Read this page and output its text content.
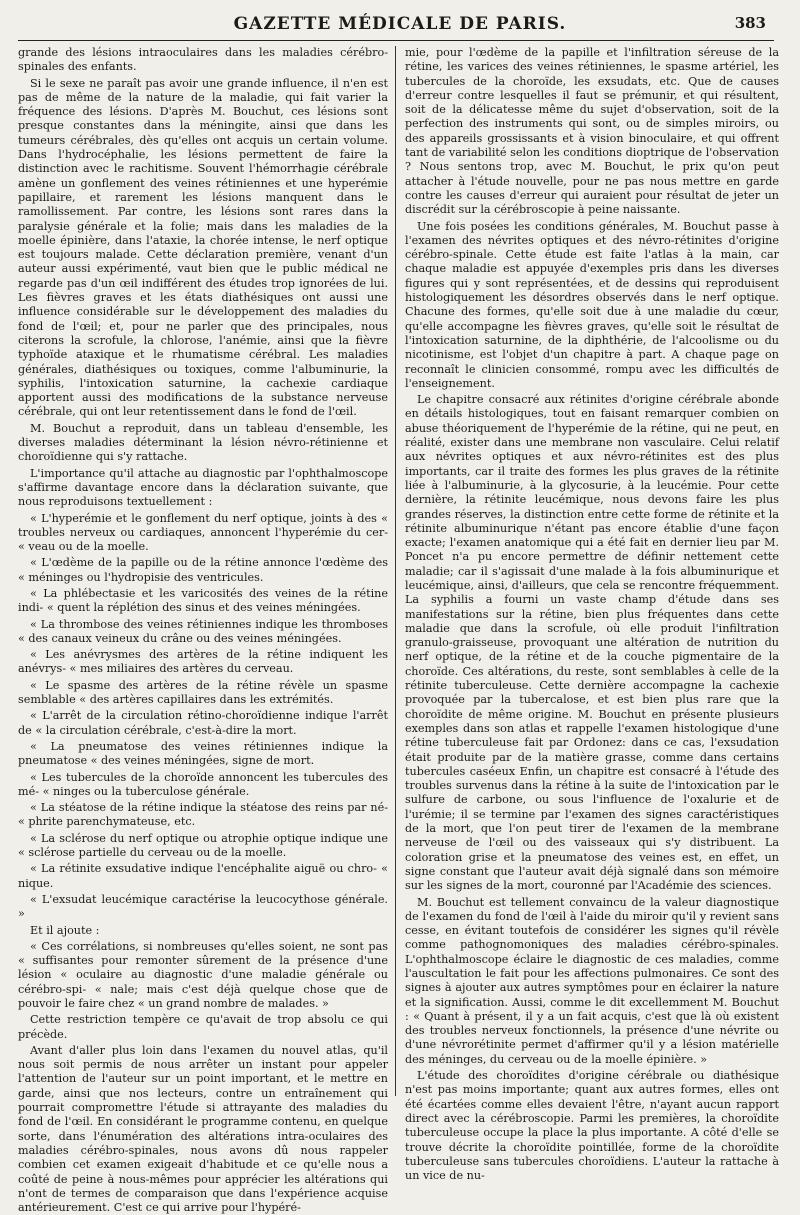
GAZETTE MÉDICALE DE PARIS.	383

grande des lésions intraoculaires dans les maladies cérébro-spinales des enfants.

Si le sexe ne paraît pas avoir une grande influence, il n'en est pas de même de la nature de la maladie, qui fait varier la fréquence des lésions. D'après M. Bouchut, ces lésions sont presque constantes dans la méningite, ainsi que dans les tumeurs cérébrales, dès qu'elles ont acquis un certain volume. Dans l'hydrocéphalie, les lésions permettent de faire la distinction avec le rachitisme. Souvent l'hémorrhagie cérébrale amène un gonflement des veines rétiniennes et une hyperémie papillaire, et rarement les lésions manquent dans le ramollissement. Par contre, les lésions sont rares dans la paralysie générale et la folie; mais dans les maladies de la moelle épinière, dans l'ataxie, la chorée intense, le nerf optique est toujours malade. Cette déclaration première, venant d'un auteur aussi expérimenté, vaut bien que le public médical ne regarde pas d'un œil indifférent des études trop ignorées de lui. Les fièvres graves et les états diathésiques ont aussi une influence considérable sur le développement des maladies du fond de l'œil; et, pour ne parler que des principales, nous citerons la scrofule, la chlorose, l'anémie, ainsi que la fièvre typhoïde ataxique et le rhumatisme cérébral. Les maladies générales, diathésiques ou toxiques, comme l'albuminurie, la syphilis, l'intoxication saturnine, la cachexie cardiaque apportent aussi des modifications de la substance nerveuse cérébrale, qui ont leur retentissement dans le fond de l'œil.

M. Bouchut a reproduit, dans un tableau d'ensemble, les diverses maladies déterminant la lésion névro-rétinienne et choroïdienne qui s'y rattache.

L'importance qu'il attache au diagnostic par l'ophthalmoscope s'affirme davantage encore dans la déclaration suivante, que nous reproduisons textuellement :

« L'hyperémie et le gonflement du nerf optique, joints à des « troubles nerveux ou cardiaques, annoncent l'hyperémie du cer- « veau ou de la moelle.

« L'œdème de la papille ou de la rétine annonce l'œdème des « méninges ou l'hydropisie des ventricules.

« La phlébectasie et les varicosités des veines de la rétine indi- « quent la réplétion des sinus et des veines méningées.

« La thrombose des veines rétiniennes indique les thromboses « des canaux veineux du crâne ou des veines méningées.

« Les anévrysmes des artères de la rétine indiquent les anévrys- « mes miliaires des artères du cerveau.

« Le spasme des artères de la rétine révèle un spasme semblable « des artères capillaires dans les extrémités.

« L'arrêt de la circulation rétino-choroïdienne indique l'arrêt de « la circulation cérébrale, c'est-à-dire la mort.

« La pneumatose des veines rétiniennes indique la pneumatose « des veines méningées, signe de mort.

« Les tubercules de la choroïde annoncent les tubercules des mé- « ninges ou la tuberculose générale.

« La stéatose de la rétine indique la stéatose des reins par né- « phrite parenchymateuse, etc.

« La sclérose du nerf optique ou atrophie optique indique une « sclérose partielle du cerveau ou de la moelle.

« La rétinite exsudative indique l'encéphalite aiguë ou chro- « nique.

« L'exsudat leucémique caractérise la leucocythose générale. »

Et il ajoute :

« Ces corrélations, si nombreuses qu'elles soient, ne sont pas « suffisantes pour remonter sûrement de la présence d'une lésion « oculaire au diagnostic d'une maladie générale ou cérébro-spi- « nale; mais c'est déjà quelque chose que de pouvoir le faire chez « un grand nombre de malades. »

Cette restriction tempère ce qu'avait de trop absolu ce qui précède.

Avant d'aller plus loin dans l'examen du nouvel atlas, qu'il nous soit permis de nous arrêter un instant pour appeler l'attention de l'auteur sur un point important, et le mettre en garde, ainsi que nos lecteurs, contre un entraînement qui pourrait compromettre l'étude si attrayante des maladies du fond de l'œil. En considérant le programme contenu, en quelque sorte, dans l'énumération des altérations intra-oculaires des maladies cérébro-spinales, nous avons dû nous rappeler combien cet examen exigeait d'habitude et ce qu'elle nous a coûté de peine à nous-mêmes pour apprécier les altérations qui n'ont de termes de comparaison que dans l'expérience acquise antérieurement. C'est ce qui arrive pour l'hypéré-

mie, pour l'œdème de la papille et l'infiltration séreuse de la rétine, les varices des veines rétiniennes, le spasme artériel, les tubercules de la choroïde, les exsudats, etc. Que de causes d'erreur contre lesquelles il faut se prémunir, et qui résultent, soit de la délicatesse même du sujet d'observation, soit de la perfection des instruments qui sont, ou de simples miroirs, ou des appareils grossissants et à vision binoculaire, et qui offrent tant de variabilité selon les conditions dioptrique de l'observation ? Nous sentons trop, avec M. Bouchut, le prix qu'on peut attacher à l'étude nouvelle, pour ne pas nous mettre en garde contre les causes d'erreur qui auraient pour résultat de jeter un discrédit sur la cérébroscopie à peine naissante.

Une fois posées les conditions générales, M. Bouchut passe à l'examen des névrites optiques et des névro-rétinites d'origine cérébro-spinale. Cette étude est faite l'atlas à la main, car chaque maladie est appuyée d'exemples pris dans les diverses figures qui y sont représentées, et de dessins qui reproduisent histologiquement les désordres observés dans le nerf optique. Chacune des formes, qu'elle soit due à une maladie du cœur, qu'elle accompagne les fièvres graves, qu'elle soit le résultat de l'intoxication saturnine, de la diphthérie, de l'alcoolisme ou du nicotinisme, est l'objet d'un chapitre à part. A chaque page on reconnaît le clinicien consommé, rompu avec les difficultés de l'enseignement.

Le chapitre consacré aux rétinites d'origine cérébrale abonde en détails histologiques, tout en faisant remarquer combien on abuse théoriquement de l'hyperémie de la rétine, qui ne peut, en réalité, exister dans une membrane non vasculaire. Celui relatif aux névrites optiques et aux névro-rétinites est des plus importants, car il traite des formes les plus graves de la rétinite liée à l'albuminurie, à la glycosurie, à la leucémie. Pour cette dernière, la rétinite leucémique, nous devons faire les plus grandes réserves, la distinction entre cette forme de rétinite et la rétinite albuminurique n'étant pas encore établie d'une façon exacte; l'examen anatomique qui a été fait en dernier lieu par M. Poncet n'a pu encore permettre de définir nettement cette maladie; car il s'agissait d'une malade à la fois albuminurique et leucémique, ainsi, d'ailleurs, que cela se rencontre fréquemment. La syphilis a fourni un vaste champ d'étude dans ses manifestations sur la rétine, bien plus fréquentes dans cette maladie que dans la scrofule, où elle produit l'infiltration granulo-graisseuse, provoquant une altération de nutrition du nerf optique, de la rétine et de la couche pigmentaire de la choroïde. Ces altérations, du reste, sont semblables à celle de la rétinite tuberculeuse. Cette dernière accompagne la cachexie provoquée par la tubercalose, et est bien plus rare que la choroïdite de même origine. M. Bouchut en présente plusieurs exemples dans son atlas et rappelle l'examen histologique d'une rétine tuberculeuse fait par Ordonez: dans ce cas, l'exsudation était produite par de la matière grasse, comme dans certains tubercules caséeux Enfin, un chapitre est consacré à l'étude des troubles survenus dans la rétine à la suite de l'intoxication par le sulfure de carbone, ou sous l'influence de l'oxalurie et de l'urémie; il se termine par l'examen des signes caractéristiques de la mort, que l'on peut tirer de l'examen de la membrane nerveuse de l'œil ou des vaisseaux qui s'y distribuent. La coloration grise et la pneumatose des veines est, en effet, un signe constant que l'auteur avait déjà signalé dans son mémoire sur les signes de la mort, couronné par l'Académie des sciences.

M. Bouchut est tellement convaincu de la valeur diagnostique de l'examen du fond de l'œil à l'aide du miroir qu'il y revient sans cesse, en évitant toutefois de considérer les signes qu'il révèle comme pathognomoniques des maladies cérébro-spinales. L'ophthalmoscope éclaire le diagnostic de ces maladies, comme l'auscultation le fait pour les affections pulmonaires. Ce sont des signes à ajouter aux autres symptômes pour en éclairer la nature et la signification. Aussi, comme le dit excellemment M. Bouchut : « Quant à présent, il y a un fait acquis, c'est que là où existent des troubles nerveux fonctionnels, la présence d'une névrite ou d'une névrorétinite permet d'affirmer qu'il y a lésion matérielle des méninges, du cerveau ou de la moelle épinière. »

L'étude des choroïdites d'origine cérébrale ou diathésique n'est pas moins importante; quant aux autres formes, elles ont été écartées comme elles devaient l'être, n'ayant aucun rapport direct avec la cérébroscopie. Parmi les premières, la choroïdite tuberculeuse occupe la place la plus importante. A côté d'elle se trouve décrite la choroïdite pointillée, forme de la choroïdite tuberculeuse sans tubercules choroïdiens. L'auteur la rattache à un vice de nu-
